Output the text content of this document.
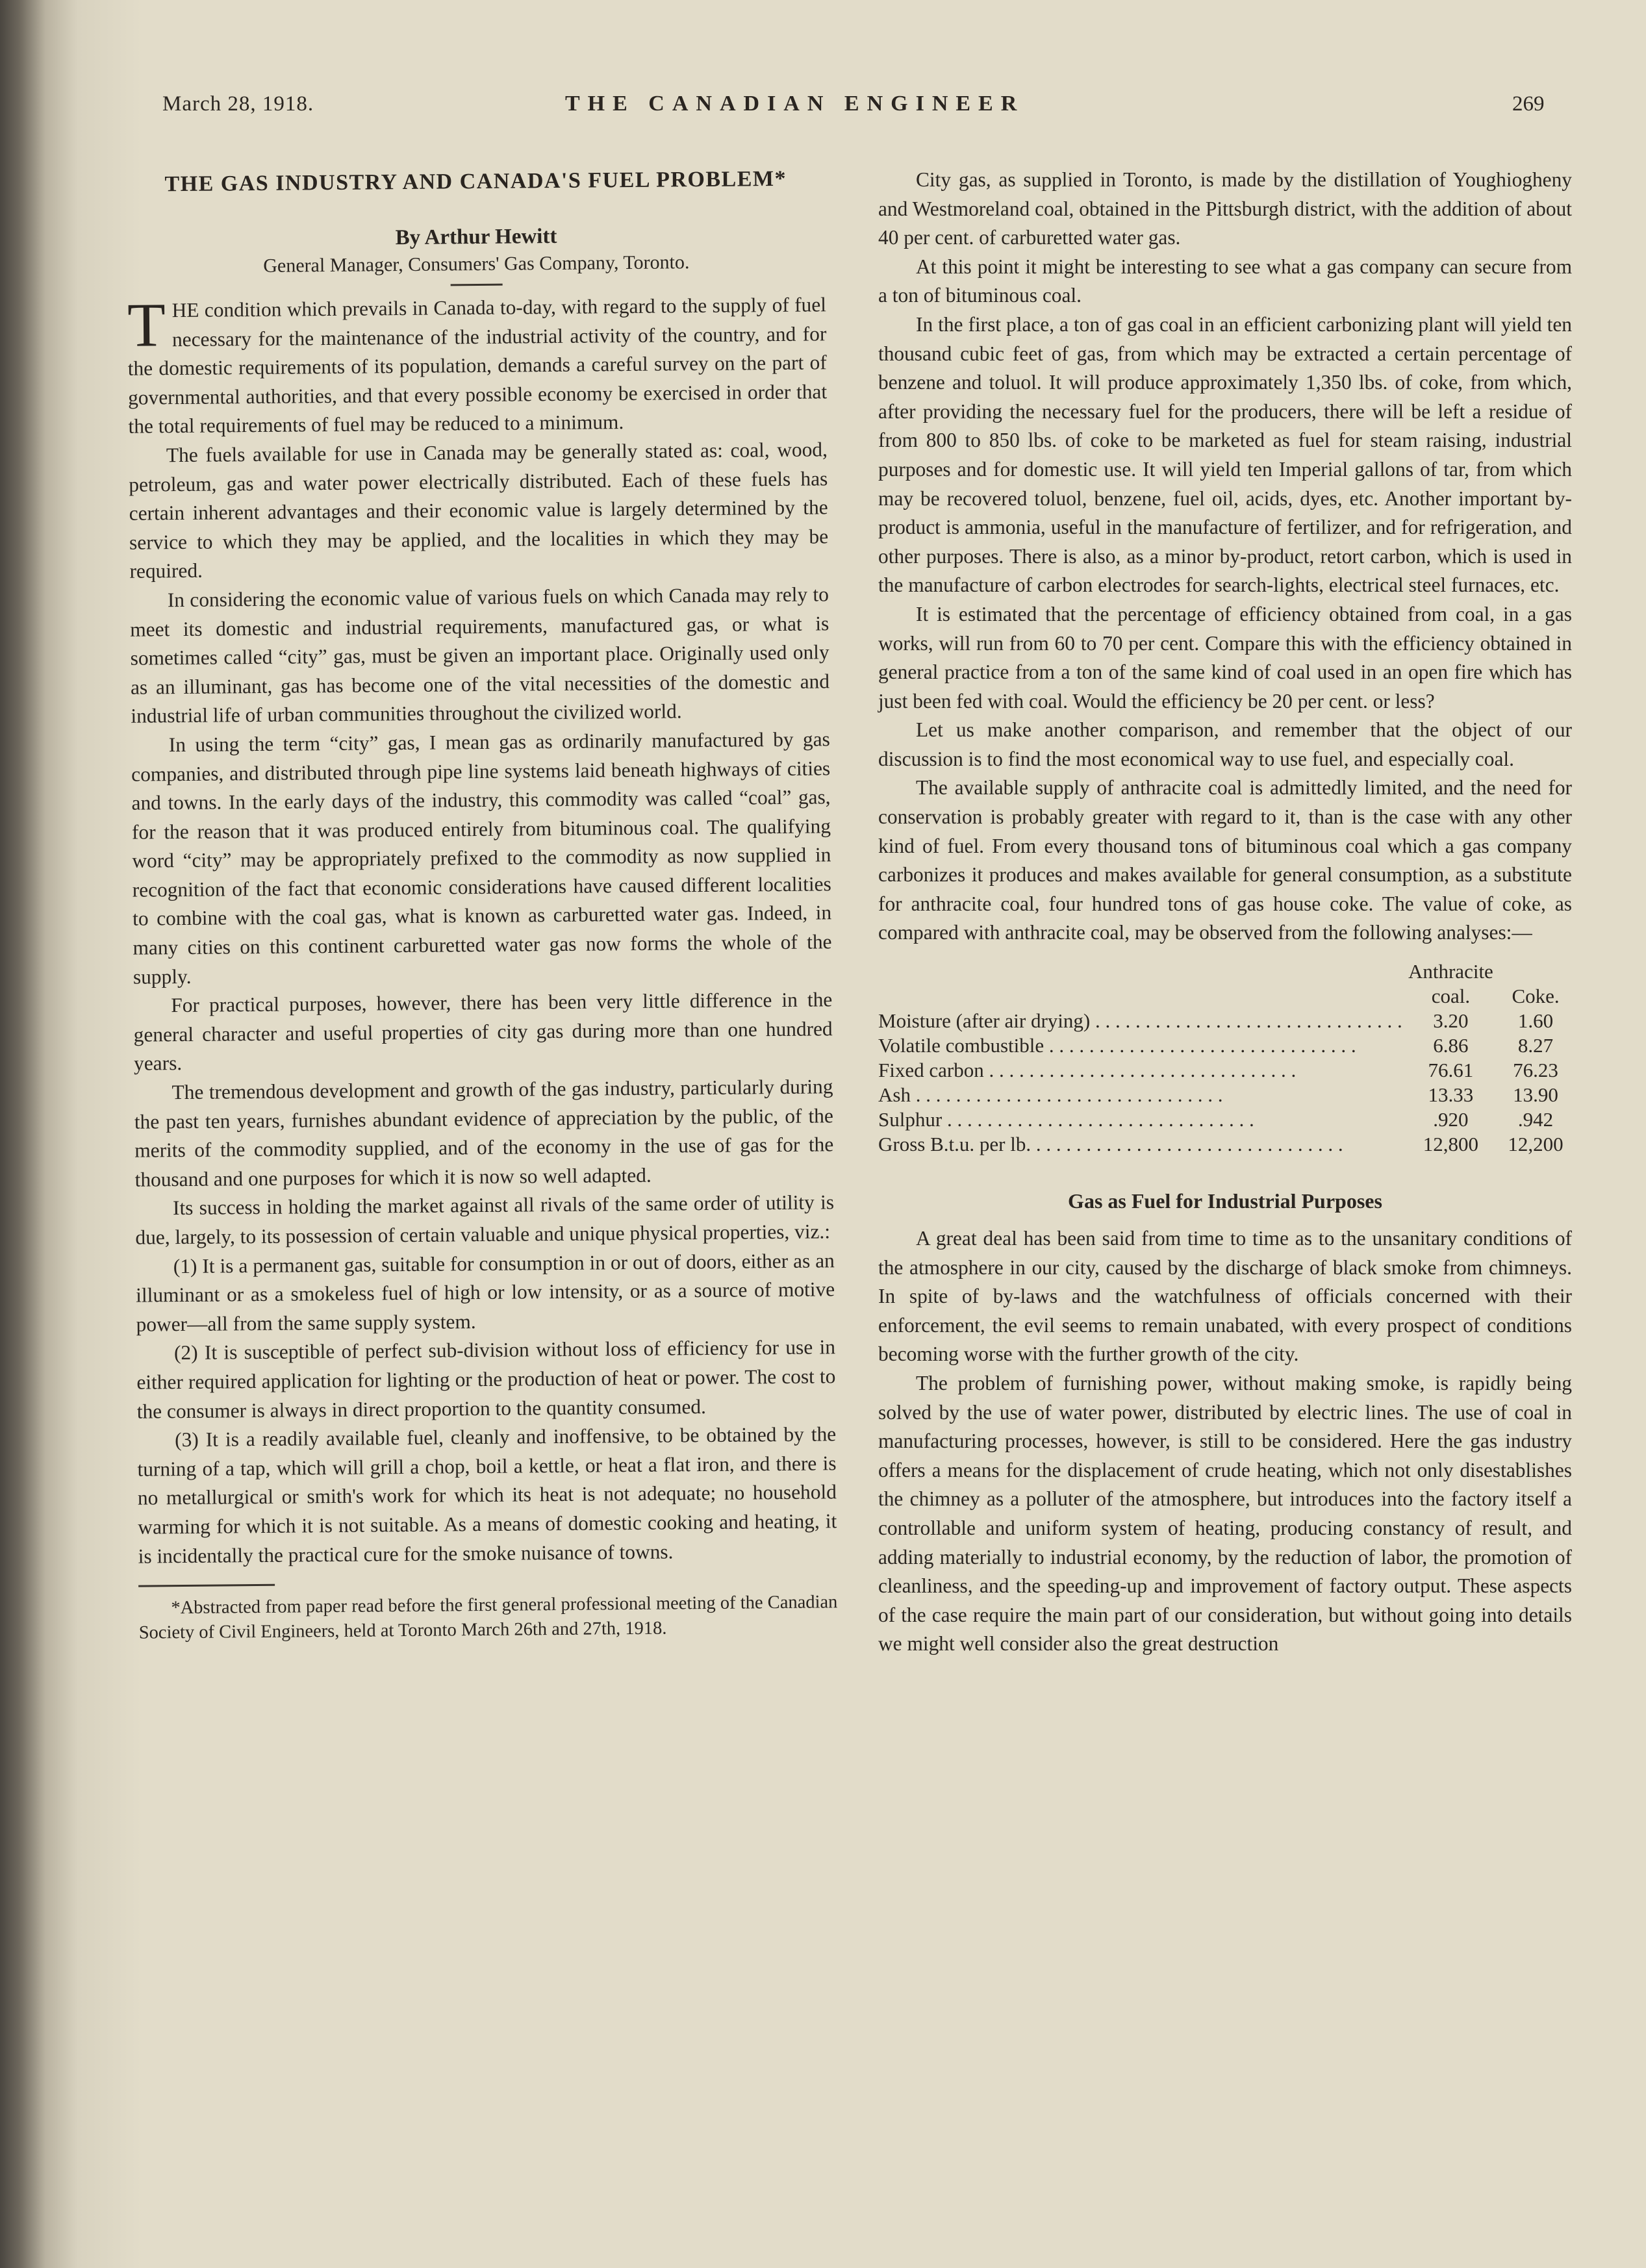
March 28, 1918.	THE CANADIAN ENGINEER	269
THE GAS INDUSTRY AND CANADA'S FUEL PROBLEM*
By Arthur Hewitt
General Manager, Consumers' Gas Company, Toronto.

THE condition which prevails in Canada to-day, with regard to the supply of fuel necessary for the maintenance of the industrial activity of the country, and for the domestic requirements of its population, demands a careful survey on the part of governmental authorities, and that every possible economy be exercised in order that the total requirements of fuel may be reduced to a minimum.

The fuels available for use in Canada may be generally stated as: coal, wood, petroleum, gas and water power electrically distributed. Each of these fuels has certain inherent advantages and their economic value is largely determined by the service to which they may be applied, and the localities in which they may be required.

In considering the economic value of various fuels on which Canada may rely to meet its domestic and industrial requirements, manufactured gas, or what is sometimes called “city” gas, must be given an important place. Originally used only as an illuminant, gas has become one of the vital necessities of the domestic and industrial life of urban communities throughout the civilized world.

In using the term “city” gas, I mean gas as ordinarily manufactured by gas companies, and distributed through pipe line systems laid beneath highways of cities and towns. In the early days of the industry, this commodity was called “coal” gas, for the reason that it was produced entirely from bituminous coal. The qualifying word “city” may be appropriately prefixed to the commodity as now supplied in recognition of the fact that economic considerations have caused different localities to combine with the coal gas, what is known as carburetted water gas. Indeed, in many cities on this continent carburetted water gas now forms the whole of the supply.

For practical purposes, however, there has been very little difference in the general character and useful properties of city gas during more than one hundred years.

The tremendous development and growth of the gas industry, particularly during the past ten years, furnishes abundant evidence of appreciation by the public, of the merits of the commodity supplied, and of the economy in the use of gas for the thousand and one purposes for which it is now so well adapted.

Its success in holding the market against all rivals of the same order of utility is due, largely, to its possession of certain valuable and unique physical properties, viz.:

(1) It is a permanent gas, suitable for consumption in or out of doors, either as an illuminant or as a smokeless fuel of high or low intensity, or as a source of motive power—all from the same supply system.

(2) It is susceptible of perfect sub-division without loss of efficiency for use in either required application for lighting or the production of heat or power. The cost to the consumer is always in direct proportion to the quantity consumed.

(3) It is a readily available fuel, cleanly and inoffensive, to be obtained by the turning of a tap, which will grill a chop, boil a kettle, or heat a flat iron, and there is no metallurgical or smith's work for which its heat is not adequate; no household warming for which it is not suitable. As a means of domestic cooking and heating, it is incidentally the practical cure for the smoke nuisance of towns.

*Abstracted from paper read before the first general professional meeting of the Canadian Society of Civil Engineers, held at Toronto March 26th and 27th, 1918.

City gas, as supplied in Toronto, is made by the distillation of Youghiogheny and Westmoreland coal, obtained in the Pittsburgh district, with the addition of about 40 per cent. of carburetted water gas.

At this point it might be interesting to see what a gas company can secure from a ton of bituminous coal.

In the first place, a ton of gas coal in an efficient carbonizing plant will yield ten thousand cubic feet of gas, from which may be extracted a certain percentage of benzene and toluol. It will produce approximately 1,350 lbs. of coke, from which, after providing the necessary fuel for the producers, there will be left a residue of from 800 to 850 lbs. of coke to be marketed as fuel for steam raising, industrial purposes and for domestic use. It will yield ten Imperial gallons of tar, from which may be recovered toluol, benzene, fuel oil, acids, dyes, etc. Another important by-product is ammonia, useful in the manufacture of fertilizer, and for refrigeration, and other purposes. There is also, as a minor by-product, retort carbon, which is used in the manufacture of carbon electrodes for search-lights, electrical steel furnaces, etc.

It is estimated that the percentage of efficiency obtained from coal, in a gas works, will run from 60 to 70 per cent. Compare this with the efficiency obtained in general practice from a ton of the same kind of coal used in an open fire which has just been fed with coal. Would the efficiency be 20 per cent. or less?

Let us make another comparison, and remember that the object of our discussion is to find the most economical way to use fuel, and especially coal.

The available supply of anthracite coal is admittedly limited, and the need for conservation is probably greater with regard to it, than is the case with any other kind of fuel. From every thousand tons of bituminous coal which a gas company carbonizes it produces and makes available for general consumption, as a substitute for anthracite coal, four hundred tons of gas house coke. The value of coke, as compared with anthracite coal, may be observed from the following analyses:—

	Anthracite coal.	Coke.
Moisture (after air drying) . . .	3.20	1.60
Volatile combustible . . .	6.86	8.27
Fixed carbon . . .	76.61	76.23
Ash . . .	13.33	13.90
Sulphur . . .	.920	.942
Gross B.t.u. per lb. . . .	12,800	12,200
Gas as Fuel for Industrial Purposes

A great deal has been said from time to time as to the unsanitary conditions of the atmosphere in our city, caused by the discharge of black smoke from chimneys. In spite of by-laws and the watchfulness of officials concerned with their enforcement, the evil seems to remain unabated, with every prospect of conditions becoming worse with the further growth of the city.

The problem of furnishing power, without making smoke, is rapidly being solved by the use of water power, distributed by electric lines. The use of coal in manufacturing processes, however, is still to be considered. Here the gas industry offers a means for the displacement of crude heating, which not only disestablishes the chimney as a polluter of the atmosphere, but introduces into the factory itself a controllable and uniform system of heating, producing constancy of result, and adding materially to industrial economy, by the reduction of labor, the promotion of cleanliness, and the speeding-up and improvement of factory output. These aspects of the case require the main part of our consideration, but without going into details we might well consider also the great destruction
